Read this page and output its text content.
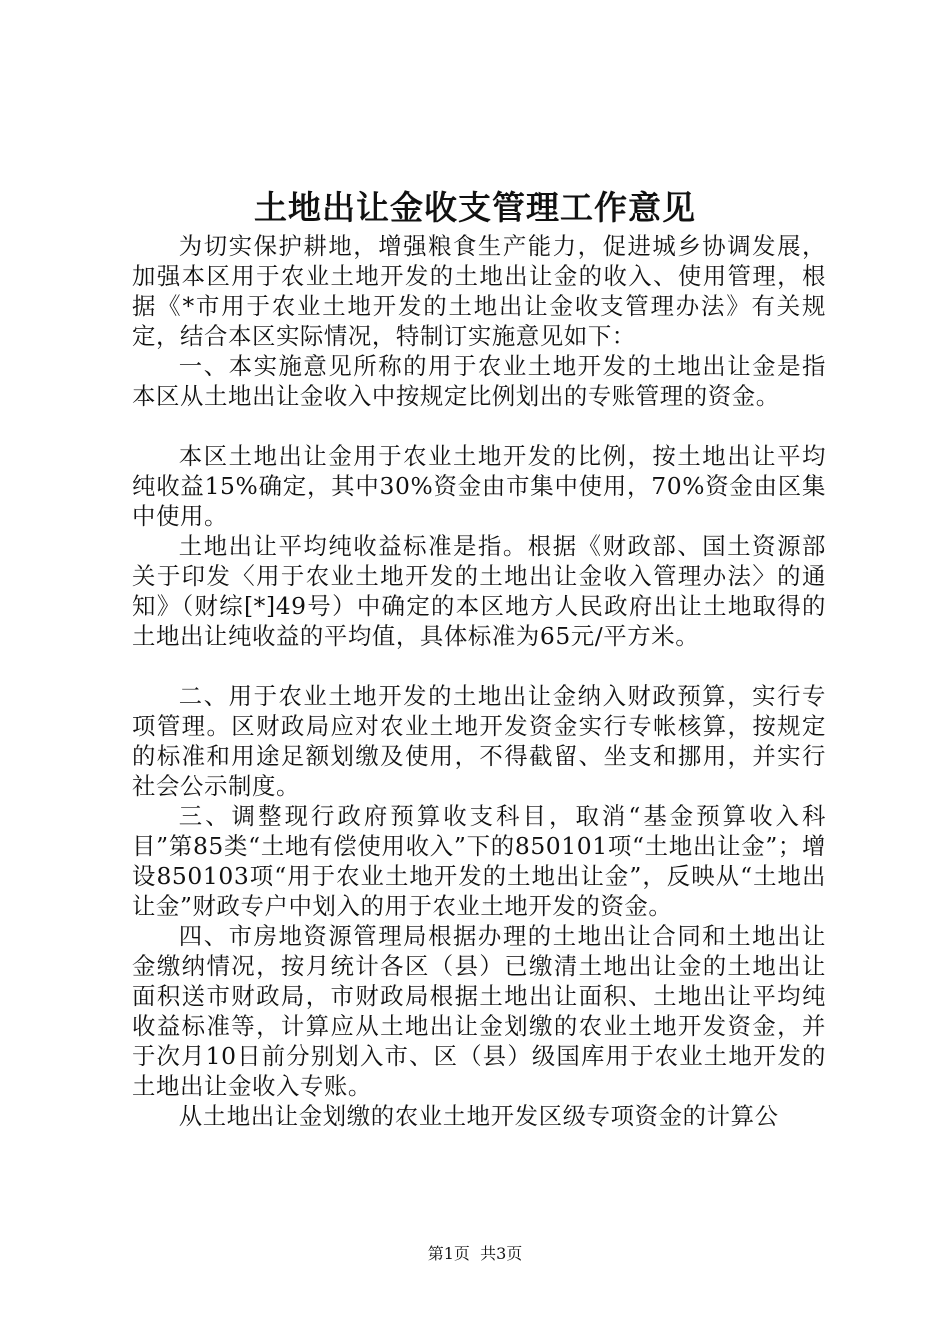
土地出让金收支管理工作意见

为切实保护耕地，增强粮食生产能力，促进城乡协调发展，加强本区用于农业土地开发的土地出让金的收入、使用管理，根据《*市用于农业土地开发的土地出让金收支管理办法》有关规定，结合本区实际情况，特制订实施意见如下：

一、本实施意见所称的用于农业土地开发的土地出让金是指本区从土地出让金收入中按规定比例划出的专账管理的资金。

本区土地出让金用于农业土地开发的比例，按土地出让平均纯收益15%确定，其中30%资金由市集中使用，70%资金由区集中使用。

土地出让平均纯收益标准是指。根据《财政部、国土资源部关于印发〈用于农业土地开发的土地出让金收入管理办法〉的通知》（财综[*]49号）中确定的本区地方人民政府出让土地取得的土地出让纯收益的平均值，具体标准为65元/平方米。

二、用于农业土地开发的土地出让金纳入财政预算，实行专项管理。区财政局应对农业土地开发资金实行专帐核算，按规定的标准和用途足额划缴及使用，不得截留、坐支和挪用，并实行社会公示制度。

三、调整现行政府预算收支科目，取消“基金预算收入科目”第85类“土地有偿使用收入”下的850101项“土地出让金”；增设850103项“用于农业土地开发的土地出让金”，反映从“土地出让金”财政专户中划入的用于农业土地开发的资金。

四、市房地资源管理局根据办理的土地出让合同和土地出让金缴纳情况，按月统计各区（县）已缴清土地出让金的土地出让面积送市财政局，市财政局根据土地出让面积、土地出让平均纯收益标准等，计算应从土地出让金划缴的农业土地开发资金，并于次月10日前分别划入市、区（县）级国库用于农业土地开发的土地出让金收入专账。

从土地出让金划缴的农业土地开发区级专项资金的计算公

第1页 共3页
